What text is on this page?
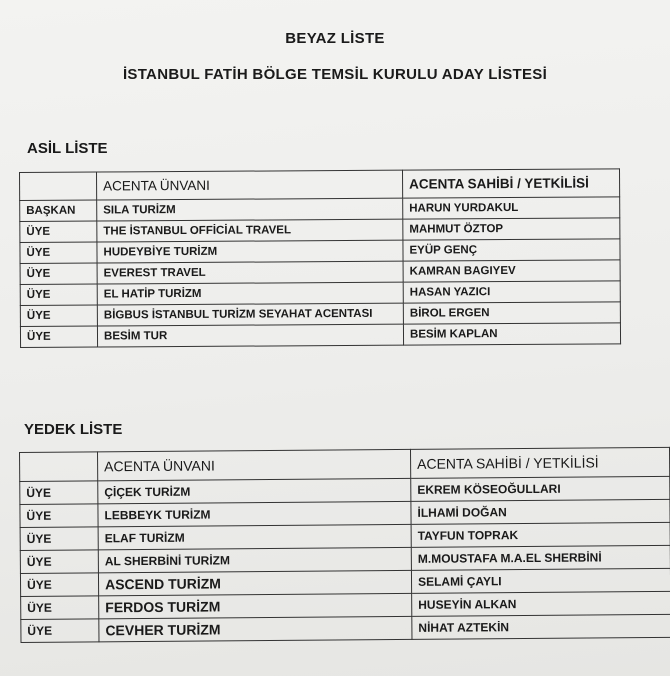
BEYAZ LİSTE
İSTANBUL FATİH BÖLGE TEMSİL KURULU ADAY LİSTESİ
ASİL LİSTE
	ACENTA ÜNVANI	ACENTA SAHİBİ / YETKİLİSİ
BAŞKAN	SILA TURİZM	HARUN YURDAKUL
ÜYE	THE İSTANBUL OFFİCİAL TRAVEL	MAHMUT ÖZTOP
ÜYE	HUDEYBİYE TURİZM	EYÜP GENÇ
ÜYE	EVEREST TRAVEL	KAMRAN BAGIYEV
ÜYE	EL HATİP TURİZM	HASAN YAZICI
ÜYE	BİGBUS İSTANBUL TURİZM SEYAHAT ACENTASI	BİROL ERGEN
ÜYE	BESİM TUR	BESİM KAPLAN
YEDEK LİSTE
	ACENTA ÜNVANI	ACENTA SAHİBİ / YETKİLİSİ
ÜYE	ÇİÇEK TURİZM	EKREM KÖSEOĞULLARI
ÜYE	LEBBEYK TURİZM	İLHAMİ DOĞAN
ÜYE	ELAF TURİZM	TAYFUN TOPRAK
ÜYE	AL SHERBİNİ TURİZM	M.MOUSTAFA M.A.EL SHERBİNİ
ÜYE	ASCEND TURİZM	SELAMİ ÇAYLI
ÜYE	FERDOS TURİZM	HUSEYİN ALKAN
ÜYE	CEVHER TURİZM	NİHAT AZTEKİN
